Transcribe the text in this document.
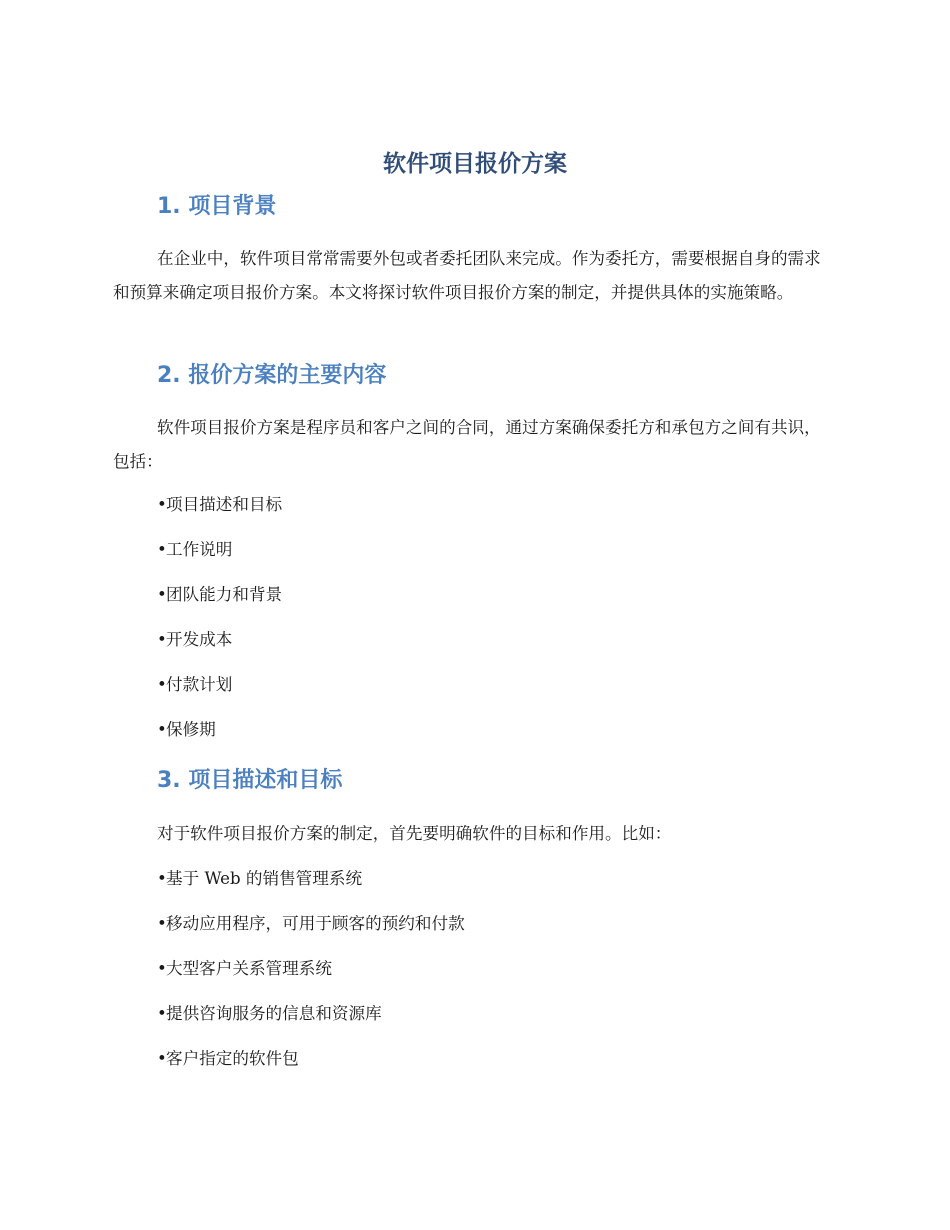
软件项目报价方案
1. 项目背景

在企业中，软件项目常常需要外包或者委托团队来完成。作为委托方，需要根据自身的需求和预算来确定项目报价方案。本文将探讨软件项目报价方案的制定，并提供具体的实施策略。

2. 报价方案的主要内容

软件项目报价方案是程序员和客户之间的合同，通过方案确保委托方和承包方之间有共识，包括：

•项目描述和目标

•工作说明

•团队能力和背景

•开发成本

•付款计划

•保修期

3. 项目描述和目标

对于软件项目报价方案的制定，首先要明确软件的目标和作用。比如：

•基于 Web 的销售管理系统

•移动应用程序，可用于顾客的预约和付款

•大型客户关系管理系统

•提供咨询服务的信息和资源库

•客户指定的软件包
